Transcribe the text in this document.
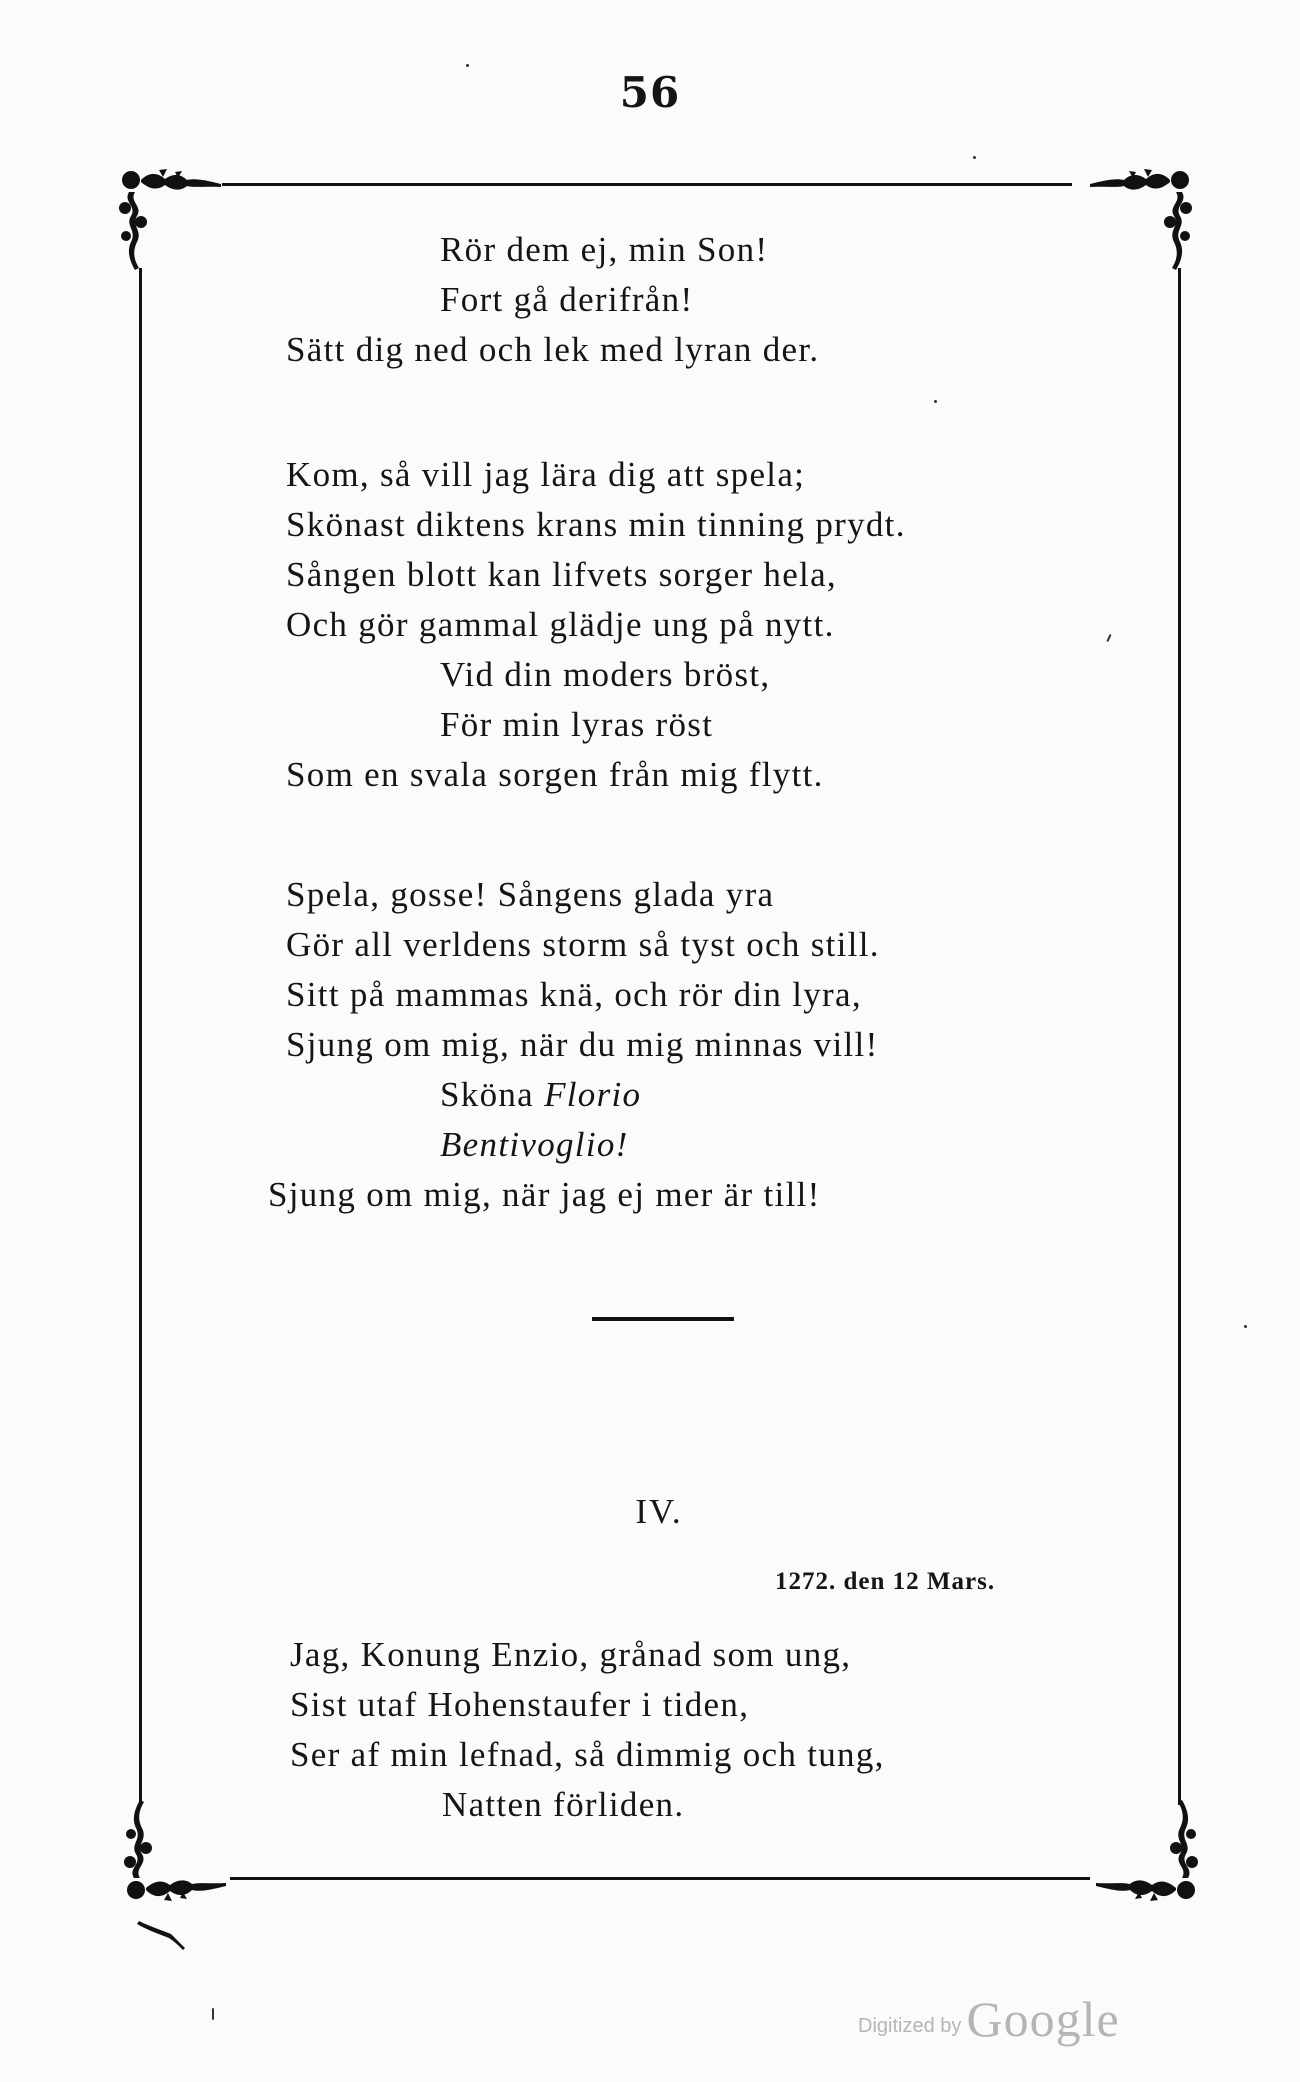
56
Rör dem ej, min Son!
Fort gå derifrån!
Sätt dig ned och lek med lyran der.
Kom, så vill jag lära dig att spela;
Skönast diktens krans min tinning prydt.
Sången blott kan lifvets sorger hela,
Och gör gammal glädje ung på nytt.
Vid din moders bröst,
För min lyras röst
Som en svala sorgen från mig flytt.
Spela, gosse! Sångens glada yra
Gör all verldens storm så tyst och still.
Sitt på mammas knä, och rör din lyra,
Sjung om mig, när du mig minnas vill!
Sköna Florio
Bentivoglio!
Sjung om mig, när jag ej mer är till!
IV.
1272. den 12 Mars.
Jag, Konung Enzio, grånad som ung,
Sist utaf Hohenstaufer i tiden,
Ser af min lefnad, så dimmig och tung,
Natten förliden.
Digitized by Google
